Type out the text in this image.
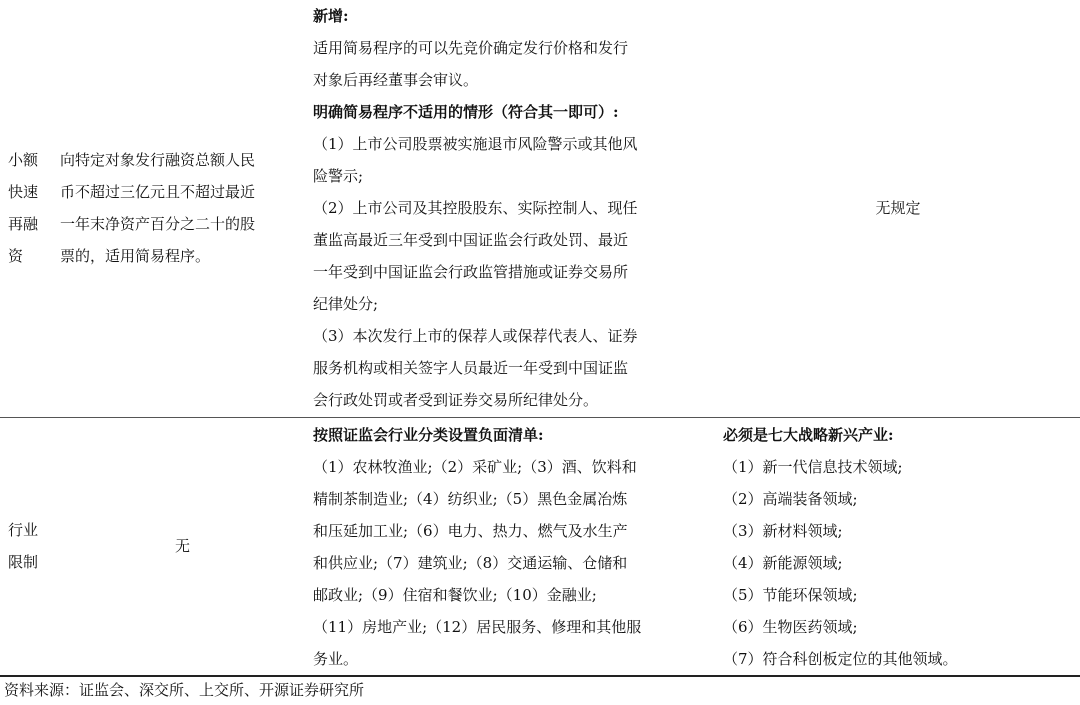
小额
快速
再融
资
向特定对象发行融资总额人民
币不超过三亿元且不超过最近
一年末净资产百分之二十的股
票的，适用简易程序。
新增:
适用简易程序的可以先竞价确定发行价格和发行
对象后再经董事会审议。
明确简易程序不适用的情形（符合其一即可）:
（1）上市公司股票被实施退市风险警示或其他风
险警示;
（2）上市公司及其控股股东、实际控制人、现任
董监高最近三年受到中国证监会行政处罚、最近
一年受到中国证监会行政监管措施或证券交易所
纪律处分;
（3）本次发行上市的保荐人或保荐代表人、证券
服务机构或相关签字人员最近一年受到中国证监
会行政处罚或者受到证券交易所纪律处分。
无规定
行业
限制
无
按照证监会行业分类设置负面清单:
（1）农林牧渔业;（2）采矿业;（3）酒、饮料和
精制茶制造业;（4）纺织业;（5）黑色金属冶炼
和压延加工业;（6）电力、热力、燃气及水生产
和供应业;（7）建筑业;（8）交通运输、仓储和
邮政业;（9）住宿和餐饮业;（10）金融业;
（11）房地产业;（12）居民服务、修理和其他服
务业。
必须是七大战略新兴产业:
（1）新一代信息技术领域;
（2）高端装备领域;
（3）新材料领域;
（4）新能源领域;
（5）节能环保领域;
（6）生物医药领域;
（7）符合科创板定位的其他领域。
资料来源：证监会、深交所、上交所、开源证券研究所
